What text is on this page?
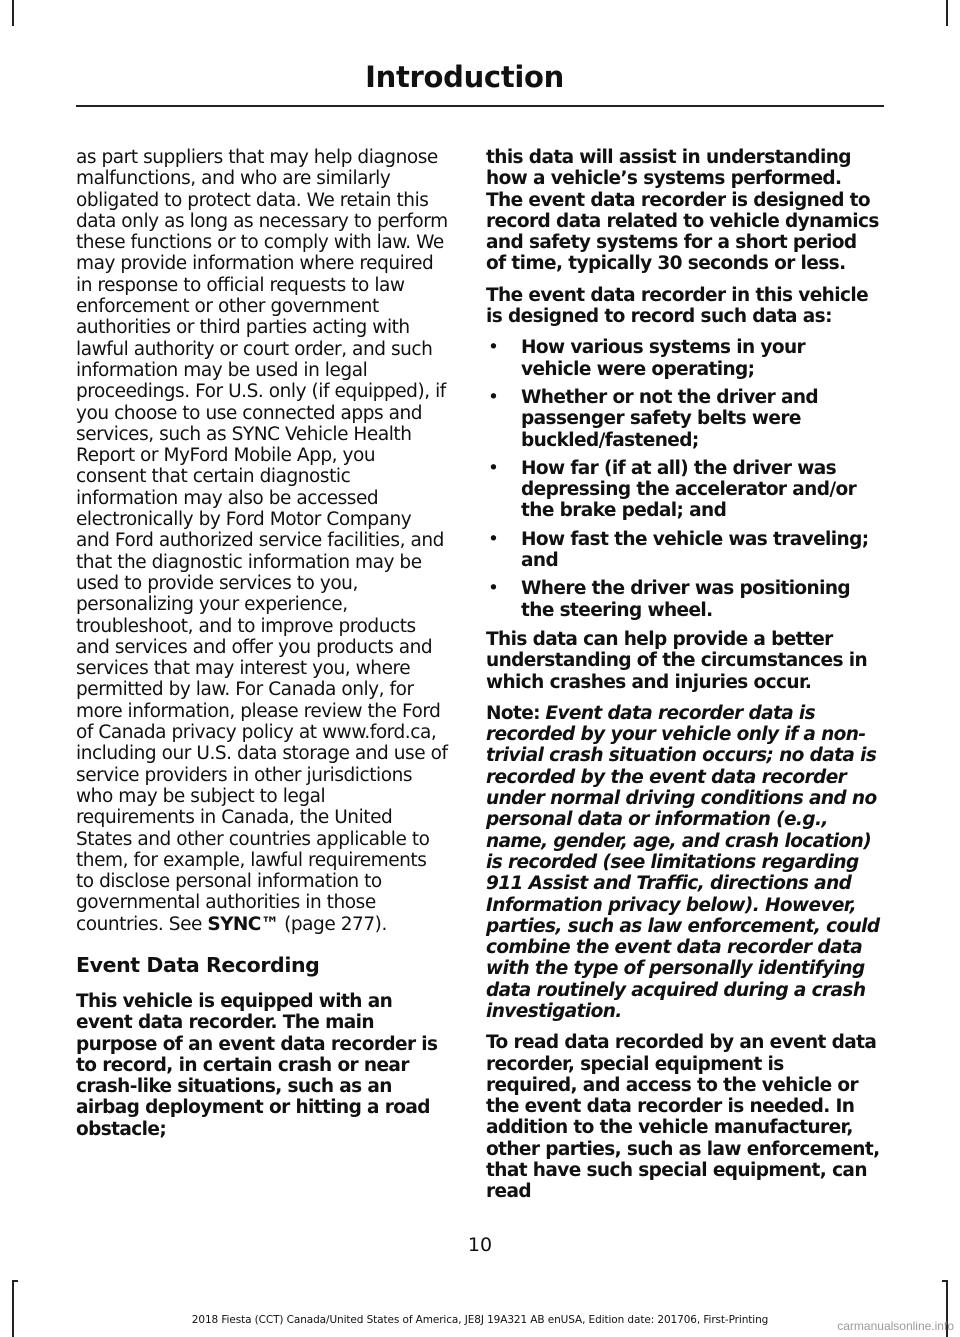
Introduction

as part suppliers that may help diagnose malfunctions, and who are similarly obligated to protect data. We retain this data only as long as necessary to perform these functions or to comply with law. We may provide information where required in response to official requests to law enforcement or other government authorities or third parties acting with lawful authority or court order, and such information may be used in legal proceedings. For U.S. only (if equipped), if you choose to use connected apps and services, such as SYNC Vehicle Health Report or MyFord Mobile App, you consent that certain diagnostic information may also be accessed electronically by Ford Motor Company and Ford authorized service facilities, and that the diagnostic information may be used to provide services to you, personalizing your experience, troubleshoot, and to improve products and services and offer you products and services that may interest you, where permitted by law. For Canada only, for more information, please review the Ford of Canada privacy policy at www.ford.ca, including our U.S. data storage and use of service providers in other jurisdictions who may be subject to legal requirements in Canada, the United States and other countries applicable to them, for example, lawful requirements to disclose personal information to governmental authorities in those countries. See SYNC™ (page 277).

Event Data Recording

This vehicle is equipped with an event data recorder. The main purpose of an event data recorder is to record, in certain crash or near crash-like situations, such as an airbag deployment or hitting a road obstacle;

this data will assist in understanding how a vehicle’s systems performed. The event data recorder is designed to record data related to vehicle dynamics and safety systems for a short period of time, typically 30 seconds or less.

The event data recorder in this vehicle is designed to record such data as:

• How various systems in your vehicle were operating;
• Whether or not the driver and passenger safety belts were buckled/fastened;
• How far (if at all) the driver was depressing the accelerator and/or the brake pedal; and
• How fast the vehicle was traveling; and
• Where the driver was positioning the steering wheel.

This data can help provide a better understanding of the circumstances in which crashes and injuries occur.

Note: Event data recorder data is recorded by your vehicle only if a non-trivial crash situation occurs; no data is recorded by the event data recorder under normal driving conditions and no personal data or information (e.g., name, gender, age, and crash location) is recorded (see limitations regarding 911 Assist and Traffic, directions and Information privacy below). However, parties, such as law enforcement, could combine the event data recorder data with the type of personally identifying data routinely acquired during a crash investigation.

To read data recorded by an event data recorder, special equipment is required, and access to the vehicle or the event data recorder is needed. In addition to the vehicle manufacturer, other parties, such as law enforcement, that have such special equipment, can read

10
2018 Fiesta (CCT) Canada/United States of America, JE8J 19A321 AB enUSA, Edition date: 201706, First-Printing	carmanualsonline.info
